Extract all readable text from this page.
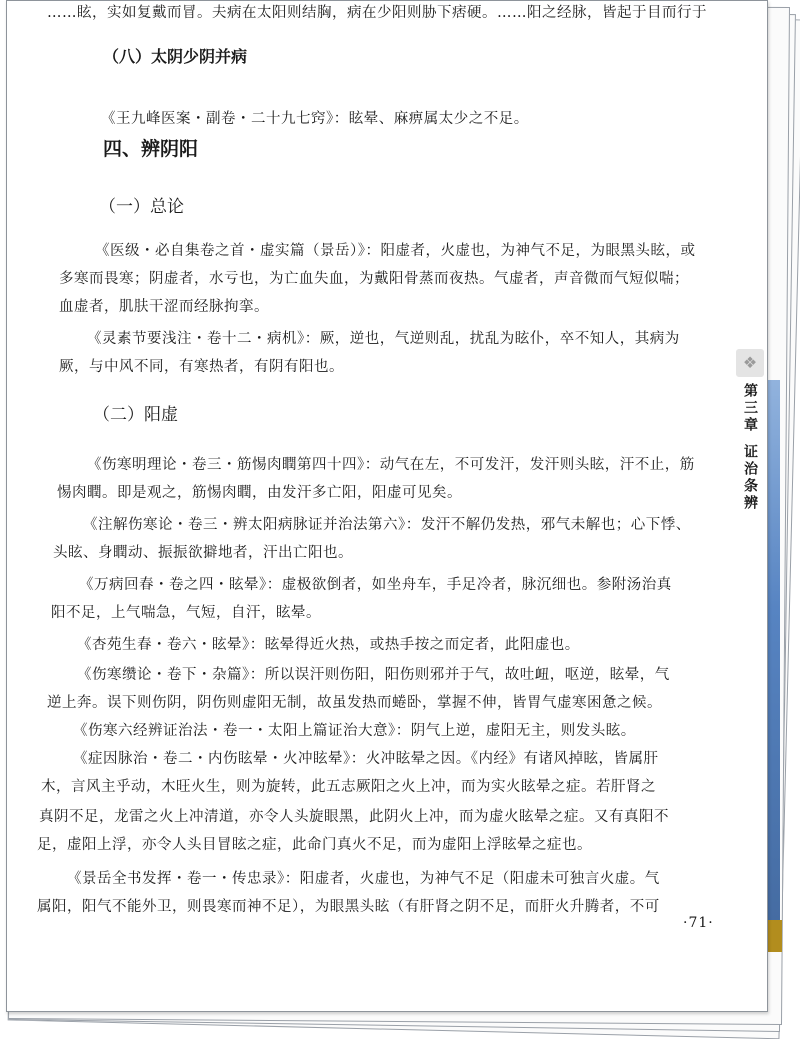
……眩，实如复戴而冒。夫病在太阳则结胸，病在少阳则胁下痞硬。……阳之经脉，皆起于目而行于
（八）太阴少阴并病
《王九峰医案・副卷・二十九七窍》：眩晕、麻痹属太少之不足。
四、辨阴阳
（一）总论
《医级・必自集卷之首・虚实篇（景岳）》：阳虚者，火虚也，为神气不足，为眼黑头眩，或
多寒而畏寒；阴虚者，水亏也，为亡血失血，为戴阳骨蒸而夜热。气虚者，声音微而气短似喘；
血虚者，肌肤干涩而经脉拘挛。
《灵素节要浅注・卷十二・病机》：厥，逆也，气逆则乱，扰乱为眩仆，卒不知人，其病为
厥，与中风不同，有寒热者，有阴有阳也。
（二）阳虚
《伤寒明理论・卷三・筋惕肉瞤第四十四》：动气在左，不可发汗，发汗则头眩，汗不止，筋
惕肉瞤。即是观之，筋惕肉瞤，由发汗多亡阳，阳虚可见矣。
《注解伤寒论・卷三・辨太阳病脉证并治法第六》：发汗不解仍发热，邪气未解也；心下悸、
头眩、身瞤动、振振欲擗地者，汗出亡阳也。
《万病回春・卷之四・眩晕》：虚极欲倒者，如坐舟车，手足冷者，脉沉细也。参附汤治真
阳不足，上气喘急，气短，自汗，眩晕。
《杏苑生春・卷六・眩晕》：眩晕得近火热，或热手按之而定者，此阳虚也。
《伤寒缵论・卷下・杂篇》：所以误汗则伤阳，阳伤则邪并于气，故吐衄，呕逆，眩晕，气
逆上奔。误下则伤阴，阴伤则虚阳无制，故虽发热而蜷卧，掌握不伸，皆胃气虚寒困惫之候。
《伤寒六经辨证治法・卷一・太阳上篇证治大意》：阴气上逆，虚阳无主，则发头眩。
《症因脉治・卷二・内伤眩晕・火冲眩晕》：火冲眩晕之因。《内经》有诸风掉眩，皆属肝
木，言风主乎动，木旺火生，则为旋转，此五志厥阳之火上冲，而为实火眩晕之症。若肝肾之
真阴不足，龙雷之火上冲清道，亦令人头旋眼黑，此阴火上冲，而为虚火眩晕之症。又有真阳不
足，虚阳上浮，亦令人头目冒眩之症，此命门真火不足，而为虚阳上浮眩晕之症也。
《景岳全书发挥・卷一・传忠录》：阳虚者，火虚也，为神气不足（阳虚未可独言火虚。气
属阳，阳气不能外卫，则畏寒而神不足），为眼黑头眩（有肝肾之阴不足，而肝火升腾者，不可
❖
第三章
证治条辨
·71·
